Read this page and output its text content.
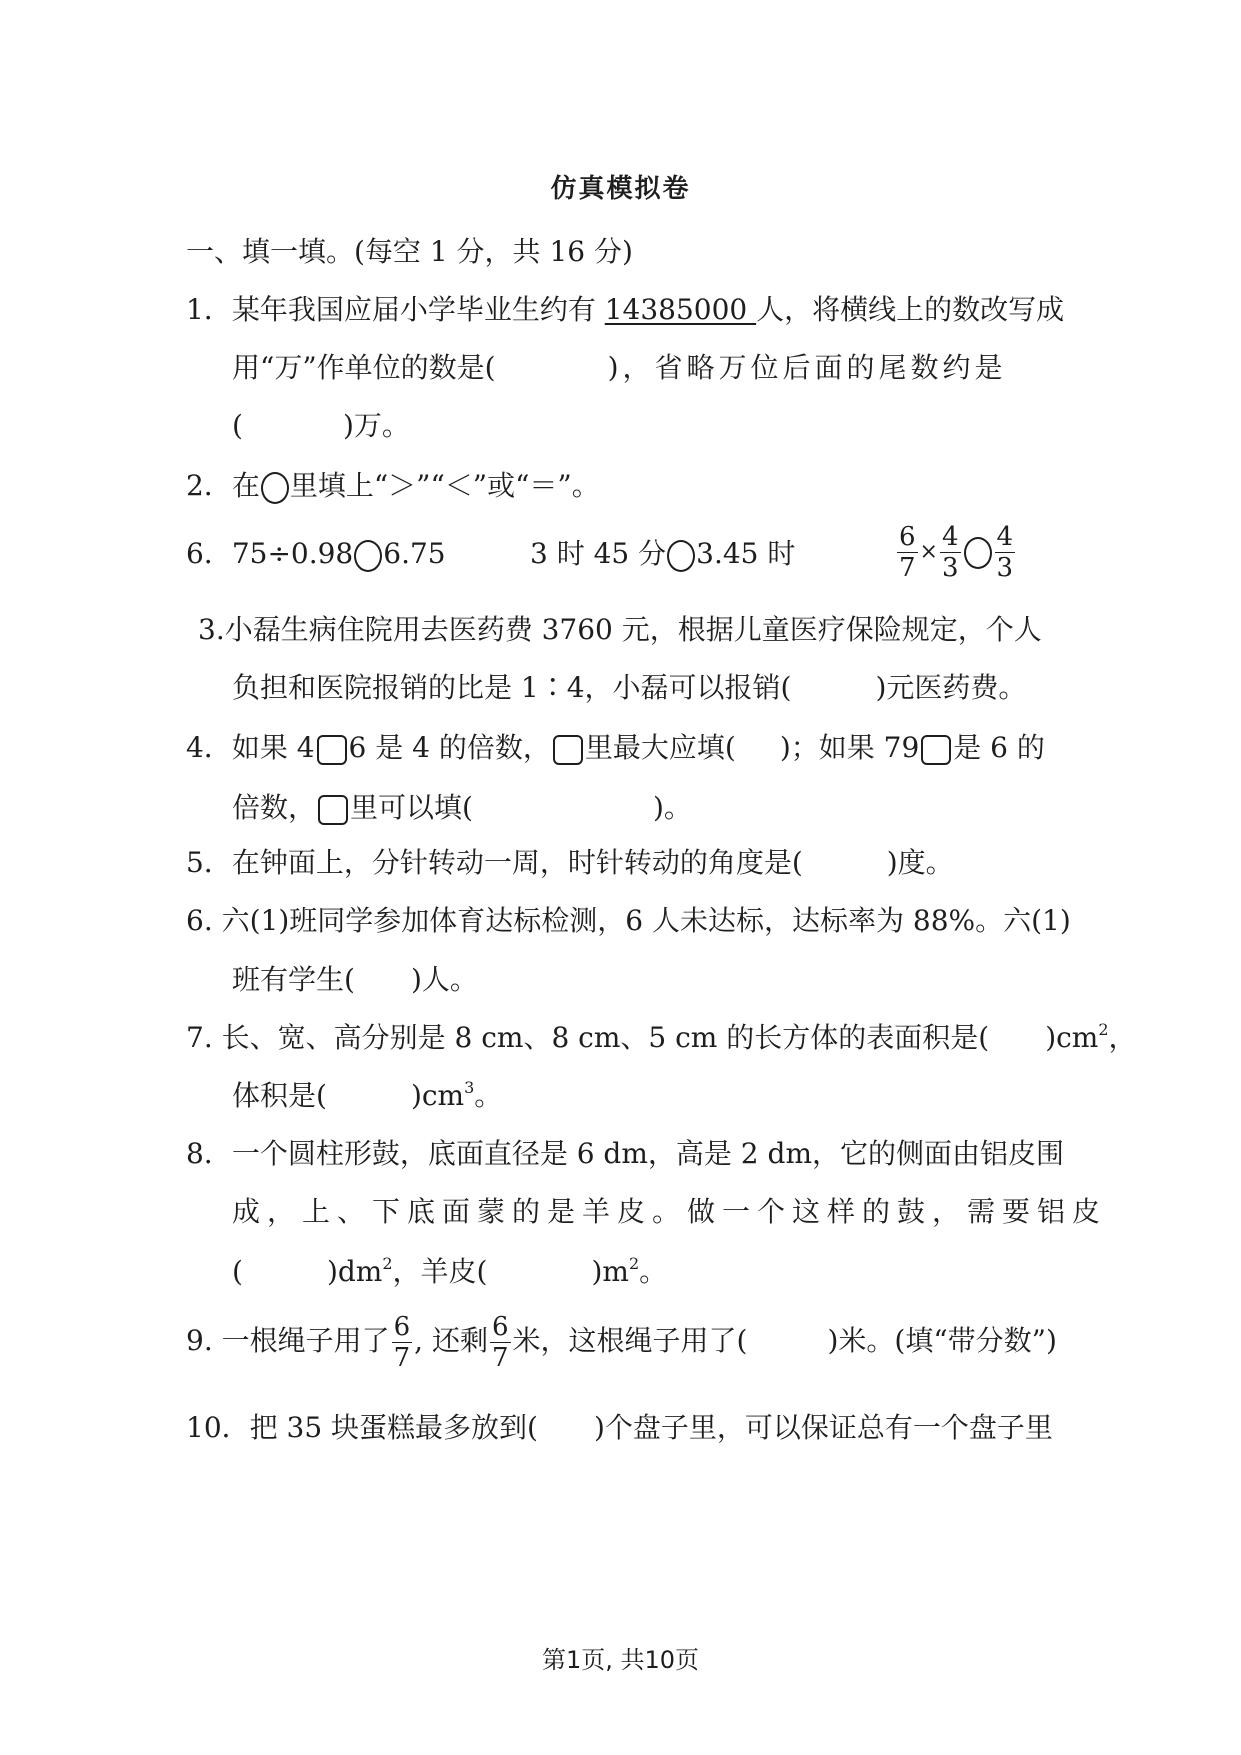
仿真模拟卷
一、填一填。(每空 1 分，共 16 分)
1．某年我国应届小学毕业生约有 14385000 人，将横线上的数改写成
用“万”作单位的数是(	)，省略万位后面的尾数约是
(	)万。
2．在 里填上“＞”“＜”或“＝”。
6．75÷0.98 6.75	3 时 45 分 3.45 时	$\frac{6}{7} \times \frac{4}{3} \frac{4}{3}$
3.小磊生病住院用去医药费 3760 元，根据儿童医疗保险规定，个人
负担和医院报销的比是 1∶4，小磊可以报销(	)元医药费。
4．如果 4 6 是 4 的倍数， 里最大应填( )；如果 79 是 6 的
倍数， 里可以填(	)。
5．在钟面上，分针转动一周，时针转动的角度是(	)度。
6. 六(1)班同学参加体育达标检测，6 人未达标，达标率为 88%。六(1)
班有学生( )人。
7. 长、宽、高分别是 8 cm、8 cm、5 cm 的长方体的表面积是( )$cm^2$，
体积是(	)$cm^3$。
8．一个圆柱形鼓，底面直径是 6 dm，高是 2 dm，它的侧面由铝皮围
成，上、下底面蒙的是羊皮。做一个这样的鼓，需要铝皮
(	)$dm^2$，羊皮(	)$m^2$。
9. 一根绳子用了 $\frac{6}{7}$ , 还剩 $\frac{6}{7}$ 米，这根绳子用了(	)米。(填“带分数”)
10．把 35 块蛋糕最多放到( )个盘子里，可以保证总有一个盘子里
第1页, 共10页
